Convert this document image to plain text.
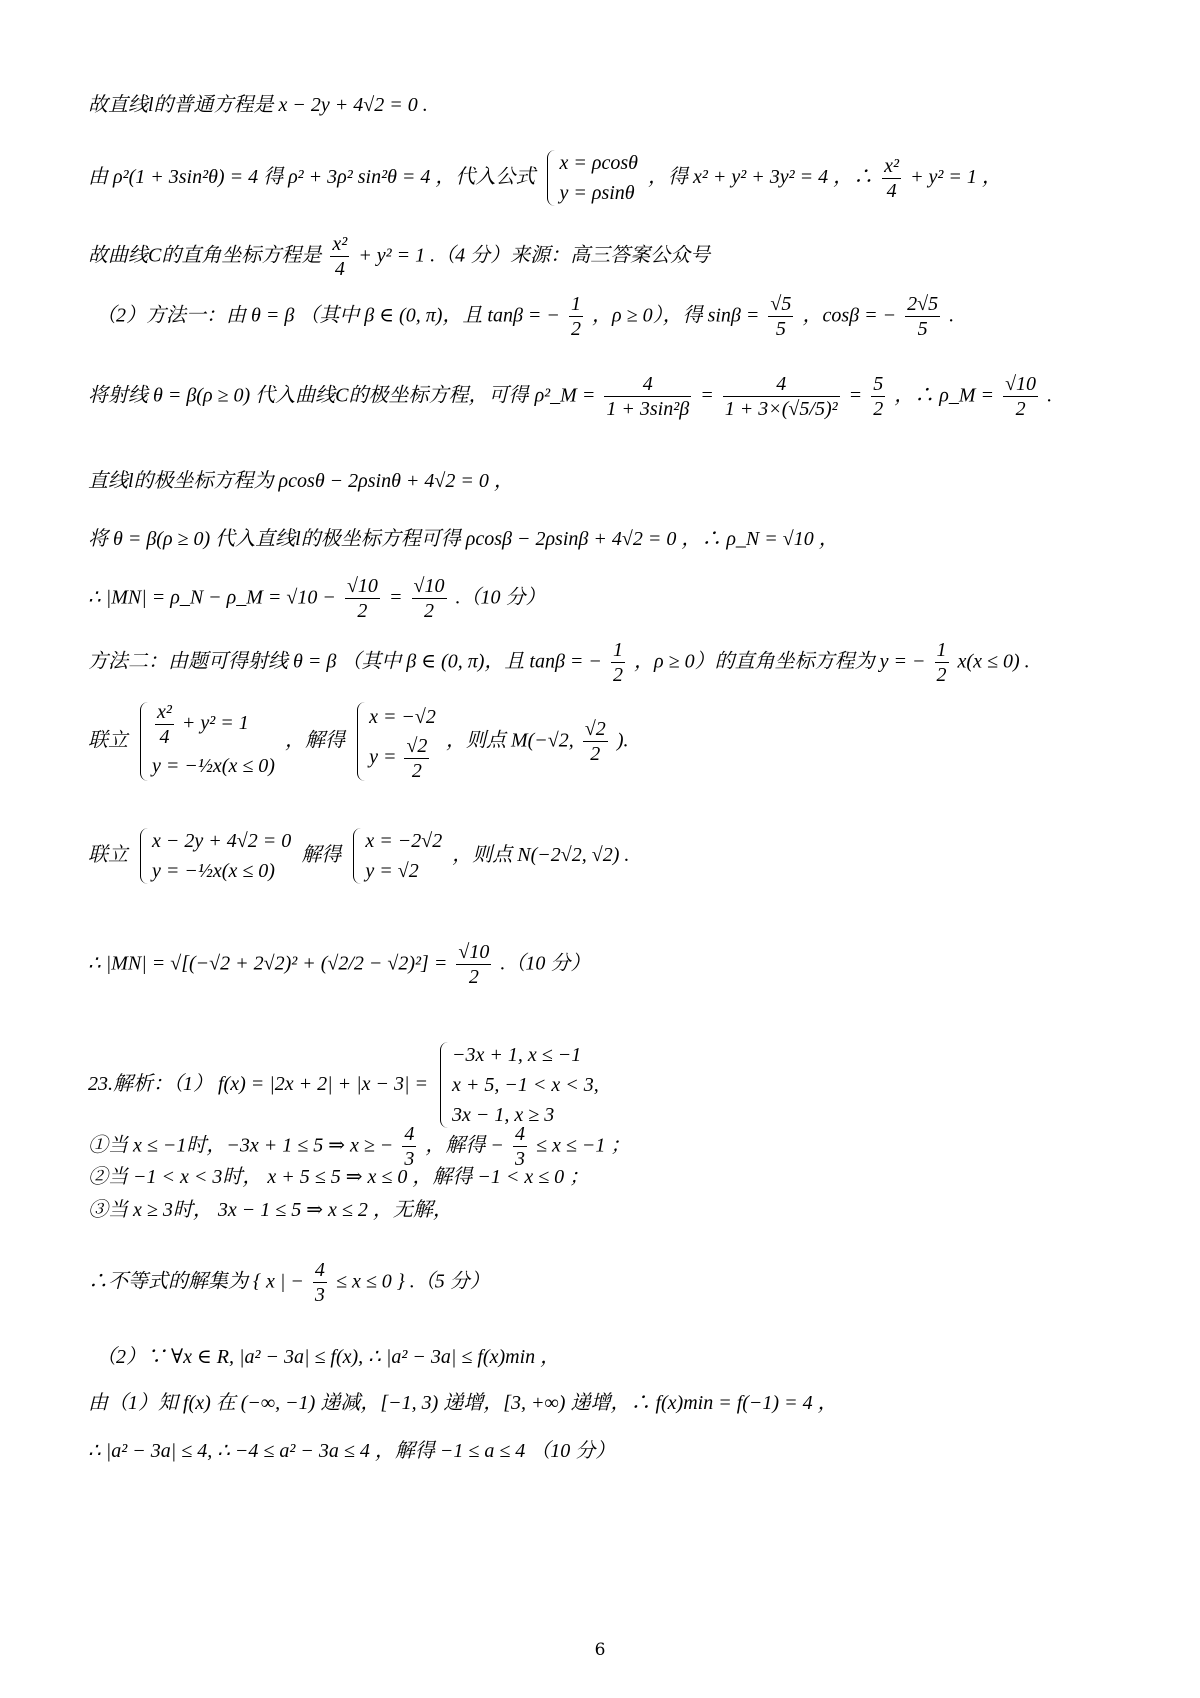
故直线l的普通方程是 x − 2y + 4√2 = 0 .
由 ρ²(1 + 3sin²θ) = 4 得 ρ² + 3ρ² sin²θ = 4 ，代入公式
x = ρcosθ
y = ρsinθ
，得 x² + y² + 3y² = 4 ，∴ $\frac{\text{x²}}{4} + y^2 = 1$ ，
故曲线C的直角坐标方程是 $\frac{\text{x²}}{4} + y^2 = 1$ .（4 分）来源：高三答案公众号
（2）方法一：由 θ = β （其中 β ∈ (0, π)，且 tanβ = − $\frac{1}{2}$ ，ρ ≥ 0），得 $\sin\beta = \frac{√5}{5}$ ，cosβ = − $\frac{2√5}{5}$ .
将射线 θ = β(ρ ≥ 0) 代入曲线C的极坐标方程，可得 ρ²_M = $\frac{4}{\text{1 + 3sin²β}} = \frac{4}{\text{1 + 3×(√5/5)²}} = \frac{5}{2}$ ，∴ ρ_M = $\frac{√10}{2}$ .
直线l的极坐标方程为 ρcosθ − 2ρsinθ + 4√2 = 0 ，
将 θ = β(ρ ≥ 0) 代入直线l的极坐标方程可得 ρcosβ − 2ρsinβ + 4√2 = 0 ，∴ ρ_N = √10 ，
∴ |MN| = ρ_N − ρ_M = $√10 - \frac{√10}{2} = \frac{√10}{2} .(10$ 分）
方法二：由题可得射线 θ = β （其中 β ∈ (0, π)，且 tanβ = − $\frac{1}{2}$ ，ρ ≥ 0）的直角坐标方程为 y = − $\frac{1}{2} x(x \le 0)$ .
联立 $\frac{\text{x²}}{4} + y^2 = 1$
y = −½x(x ≤ 0)
，解得
x = −√2
$y = \frac{√2}{2}$ ，则点 M(−√2, $\frac{√2}{2}$ ).
联立
x − 2y + 4√2 = 0
y = −½x(x ≤ 0)
解得
x = −2√2
y = √2
，则点 N(−2√2, √2) .
∴ $|MN| = √[(-√2 + 2√2)^2 + (√2/2 - √2)^2] = \frac{√10}{2} .(10$ 分）
23.解析：（1） f(x) = |2x + 2| + |x − 3| =
−3x + 1, x ≤ −1
x + 5, −1 < x < 3,
3x − 1, x ≥ 3
①当 x ≤ −1时，−3x + 1 ≤ 5 ⇒ x ≥ − $\frac{4}{3}$ ，解得 − $\frac{4}{3} \le x \le -1$ ；
②当 −1 < x < 3时， x + 5 ≤ 5 ⇒ x ≤ 0 ，解得 −1 < x ≤ 0 ；
③当 x ≥ 3时， 3x − 1 ≤ 5 ⇒ x ≤ 2 ，无解，
∴不等式的解集为 { x | − $\frac{4}{3} \le x \le 0$ } .（5 分）
（2）∵ ∀x ∈ R, |a² − 3a| ≤ f(x), ∴ |a² − 3a| ≤ f(x)min ，
由（1）知 f(x) 在 (−∞, −1) 递减，[−1, 3) 递增，[3, +∞) 递增，∴ f(x)min = f(−1) = 4 ，
∴ |a² − 3a| ≤ 4, ∴ −4 ≤ a² − 3a ≤ 4 ，解得 −1 ≤ a ≤ 4 （10 分）
6
